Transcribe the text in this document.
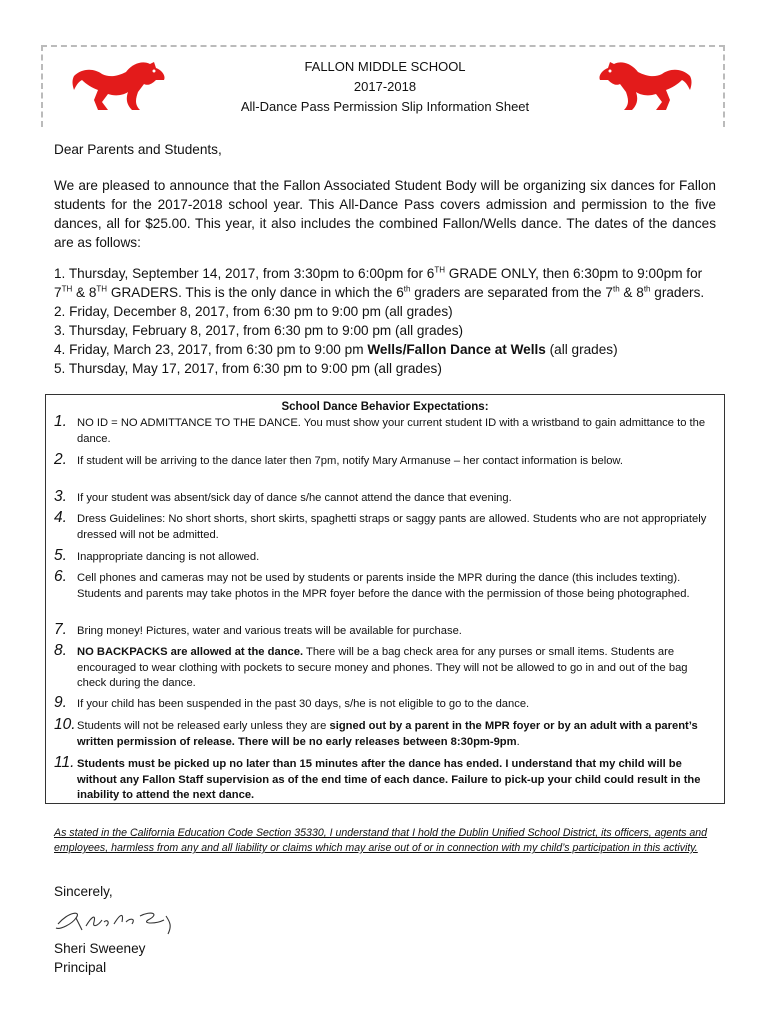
FALLON MIDDLE SCHOOL
2017-2018
All-Dance Pass Permission Slip Information Sheet
Dear Parents and Students,
We are pleased to announce that the Fallon Associated Student Body will be organizing six dances for Fallon students for the 2017-2018 school year. This All-Dance Pass covers admission and permission to the five dances, all for $25.00. This year, it also includes the combined Fallon/Wells dance. The dates of the dances are as follows:

1. Thursday, September 14, 2017, from 3:30pm to 6:00pm for 6TH GRADE ONLY, then 6:30pm to 9:00pm for 7TH & 8TH GRADERS. This is the only dance in which the 6th graders are separated from the 7th & 8th graders.

2. Friday, December 8, 2017, from 6:30 pm to 9:00 pm (all grades)

3. Thursday, February 8, 2017, from 6:30 pm to 9:00 pm (all grades)

4. Friday, March 23, 2017, from 6:30 pm to 9:00 pm Wells/Fallon Dance at Wells (all grades)

5. Thursday, May 17, 2017, from 6:30 pm to 9:00 pm (all grades)

School Dance Behavior Expectations:
1. NO ID = NO ADMITTANCE TO THE DANCE. You must show your current student ID with a wristband to gain admittance to the dance.
2. If student will be arriving to the dance later then 7pm, notify Mary Armanuse – her contact information is below.
3. If your student was absent/sick day of dance s/he cannot attend the dance that evening.
4. Dress Guidelines: No short shorts, short skirts, spaghetti straps or saggy pants are allowed. Students who are not appropriately dressed will not be admitted.
5. Inappropriate dancing is not allowed.
6. Cell phones and cameras may not be used by students or parents inside the MPR during the dance (this includes texting). Students and parents may take photos in the MPR foyer before the dance with the permission of those being photographed.
7. Bring money! Pictures, water and various treats will be available for purchase.
8. NO BACKPACKS are allowed at the dance. There will be a bag check area for any purses or small items. Students are encouraged to wear clothing with pockets to secure money and phones. They will not be allowed to go in and out of the bag check during the dance.
9. If your child has been suspended in the past 30 days, s/he is not eligible to go to the dance.
10. Students will not be released early unless they are signed out by a parent in the MPR foyer or by an adult with a parent’s written permission of release. There will be no early releases between 8:30pm-9pm.
11. Students must be picked up no later than 15 minutes after the dance has ended. I understand that my child will be without any Fallon Staff supervision as of the end time of each dance. Failure to pick-up your child could result in the inability to attend the next dance.
As stated in the California Education Code Section 35330, I understand that I hold the Dublin Unified School District, its officers, agents and employees, harmless from any and all liability or claims which may arise out of or in connection with my child’s participation in this activity.
Sincerely,
Sheri Sweeney
Principal
